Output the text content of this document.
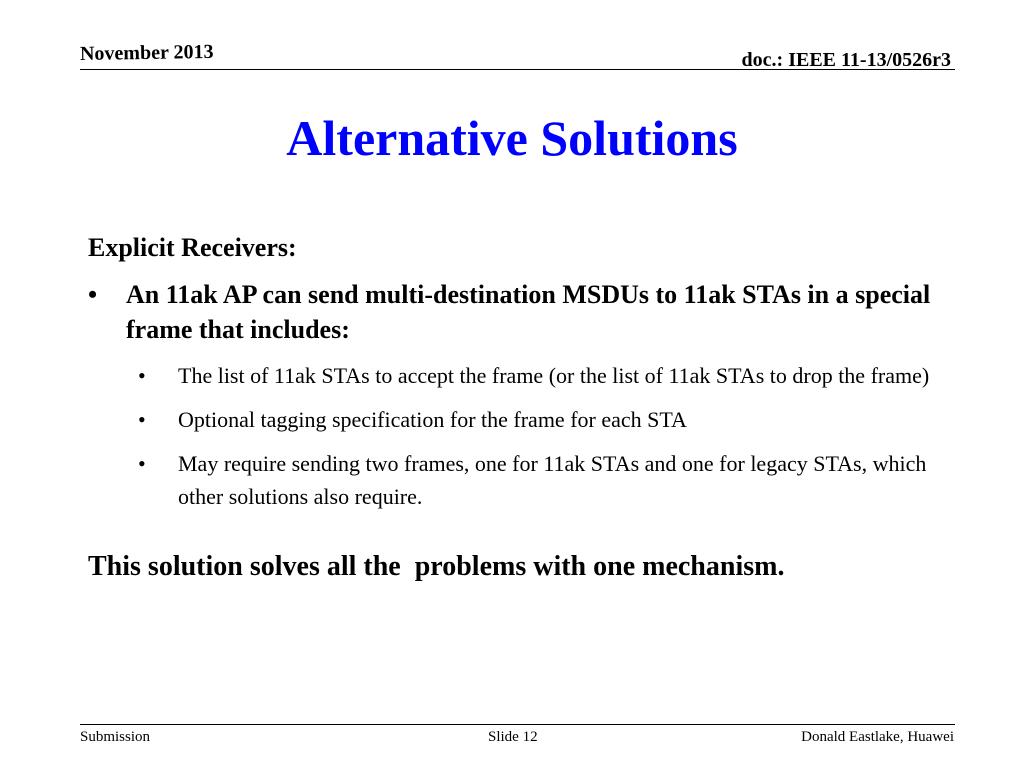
November 2013	doc.: IEEE 11-13/0526r3
Alternative Solutions
Explicit Receivers:
• An 11ak AP can send multi-destination MSDUs to 11ak STAs in a special frame that includes:
• The list of 11ak STAs to accept the frame (or the list of 11ak STAs to drop the frame)
• Optional tagging specification for the frame for each STA
• May require sending two frames, one for 11ak STAs and one for legacy STAs, which other solutions also require.
This solution solves all the  problems with one mechanism.
Submission	Slide 12	Donald Eastlake, Huawei
